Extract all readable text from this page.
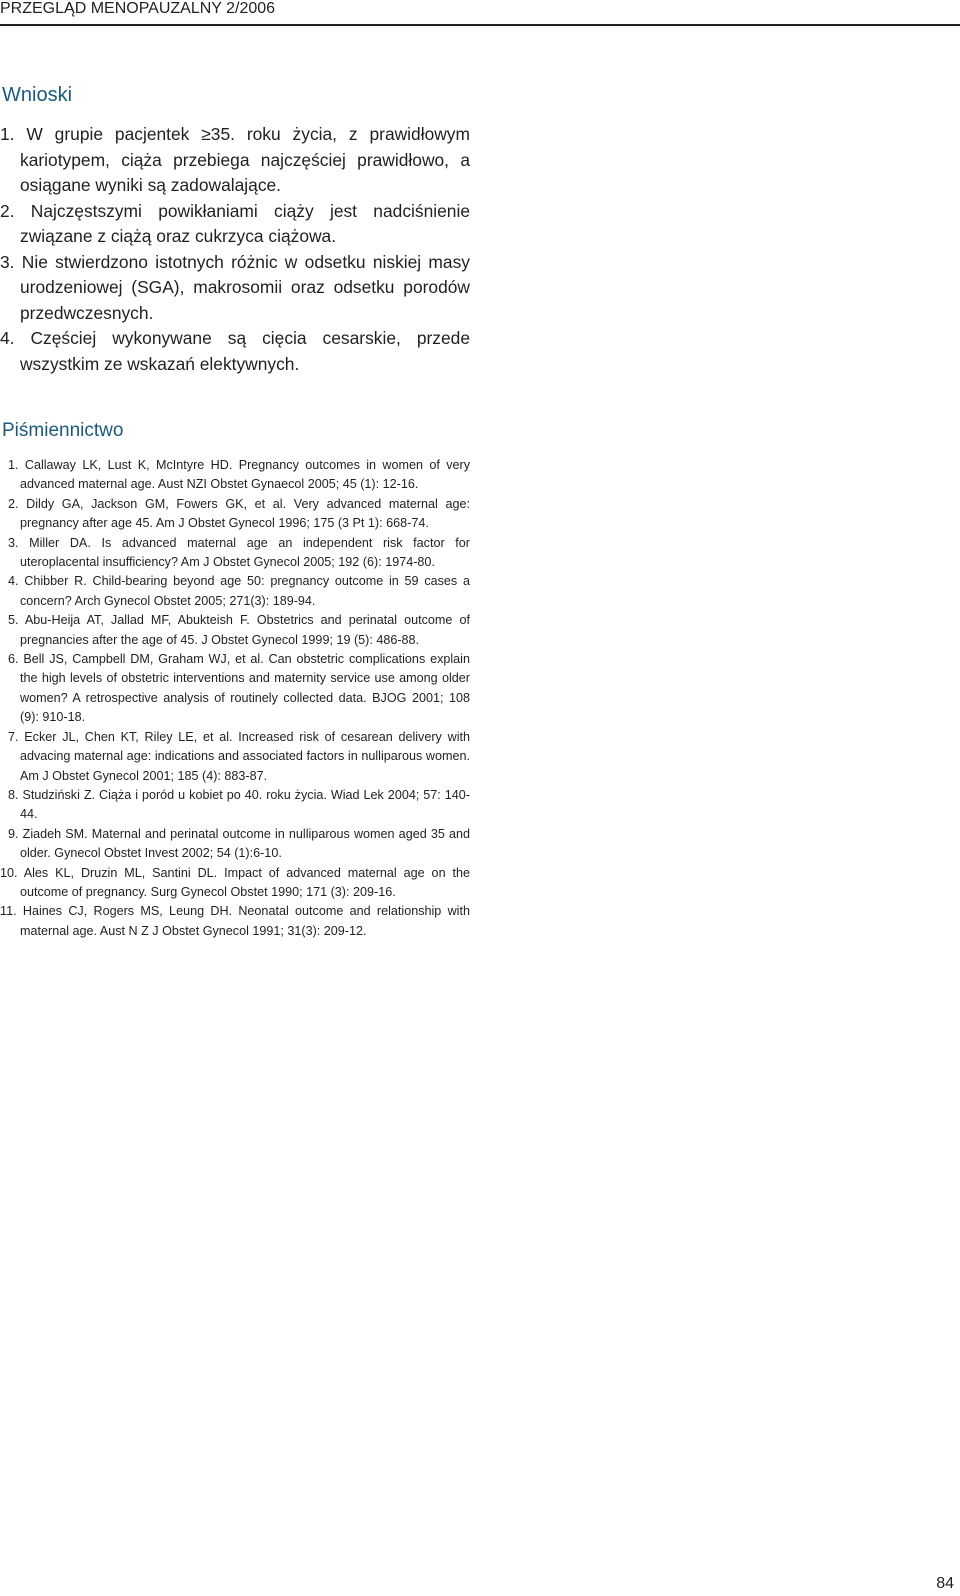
PRZEGLĄD MENOPAUZALNY 2/2006
Wnioski
1. W grupie pacjentek ≥35. roku życia, z prawidłowym kariotypem, ciąża przebiega najczęściej prawidłowo, a osiągane wyniki są zadowalające.
2. Najczęstszymi powikłaniami ciąży jest nadciśnienie związane z ciążą oraz cukrzyca ciążowa.
3. Nie stwierdzono istotnych różnic w odsetku niskiej masy urodzeniowej (SGA), makrosomii oraz odsetku porodów przedwczesnych.
4. Częściej wykonywane są cięcia cesarskie, przede wszystkim ze wskazań elektywnych.
Piśmiennictwo
1. Callaway LK, Lust K, McIntyre HD. Pregnancy outcomes in women of very advanced maternal age. Aust NZI Obstet Gynaecol 2005; 45 (1): 12-16.
2. Dildy GA, Jackson GM, Fowers GK, et al. Very advanced maternal age: pregnancy after age 45. Am J Obstet Gynecol 1996; 175 (3 Pt 1): 668-74.
3. Miller DA. Is advanced maternal age an independent risk factor for uteroplacental insufficiency? Am J Obstet Gynecol 2005; 192 (6): 1974-80.
4. Chibber R. Child-bearing beyond age 50: pregnancy outcome in 59 cases a concern? Arch Gynecol Obstet 2005; 271(3): 189-94.
5. Abu-Heija AT, Jallad MF, Abukteish F. Obstetrics and perinatal outcome of pregnancies after the age of 45. J Obstet Gynecol 1999; 19 (5): 486-88.
6. Bell JS, Campbell DM, Graham WJ, et al. Can obstetric complications explain the high levels of obstetric interventions and maternity service use among older women? A retrospective analysis of routinely collected data. BJOG 2001; 108 (9): 910-18.
7. Ecker JL, Chen KT, Riley LE, et al. Increased risk of cesarean delivery with advacing maternal age: indications and associated factors in nulliparous women. Am J Obstet Gynecol 2001; 185 (4): 883-87.
8. Studziński Z. Ciąża i poród u kobiet po 40. roku życia. Wiad Lek 2004; 57: 140-44.
9. Ziadeh SM. Maternal and perinatal outcome in nulliparous women aged 35 and older. Gynecol Obstet Invest 2002; 54 (1):6-10.
10. Ales KL, Druzin ML, Santini DL. Impact of advanced maternal age on the outcome of pregnancy. Surg Gynecol Obstet 1990; 171 (3): 209-16.
11. Haines CJ, Rogers MS, Leung DH. Neonatal outcome and relationship with maternal age. Aust N Z J Obstet Gynecol 1991; 31(3): 209-12.
84
